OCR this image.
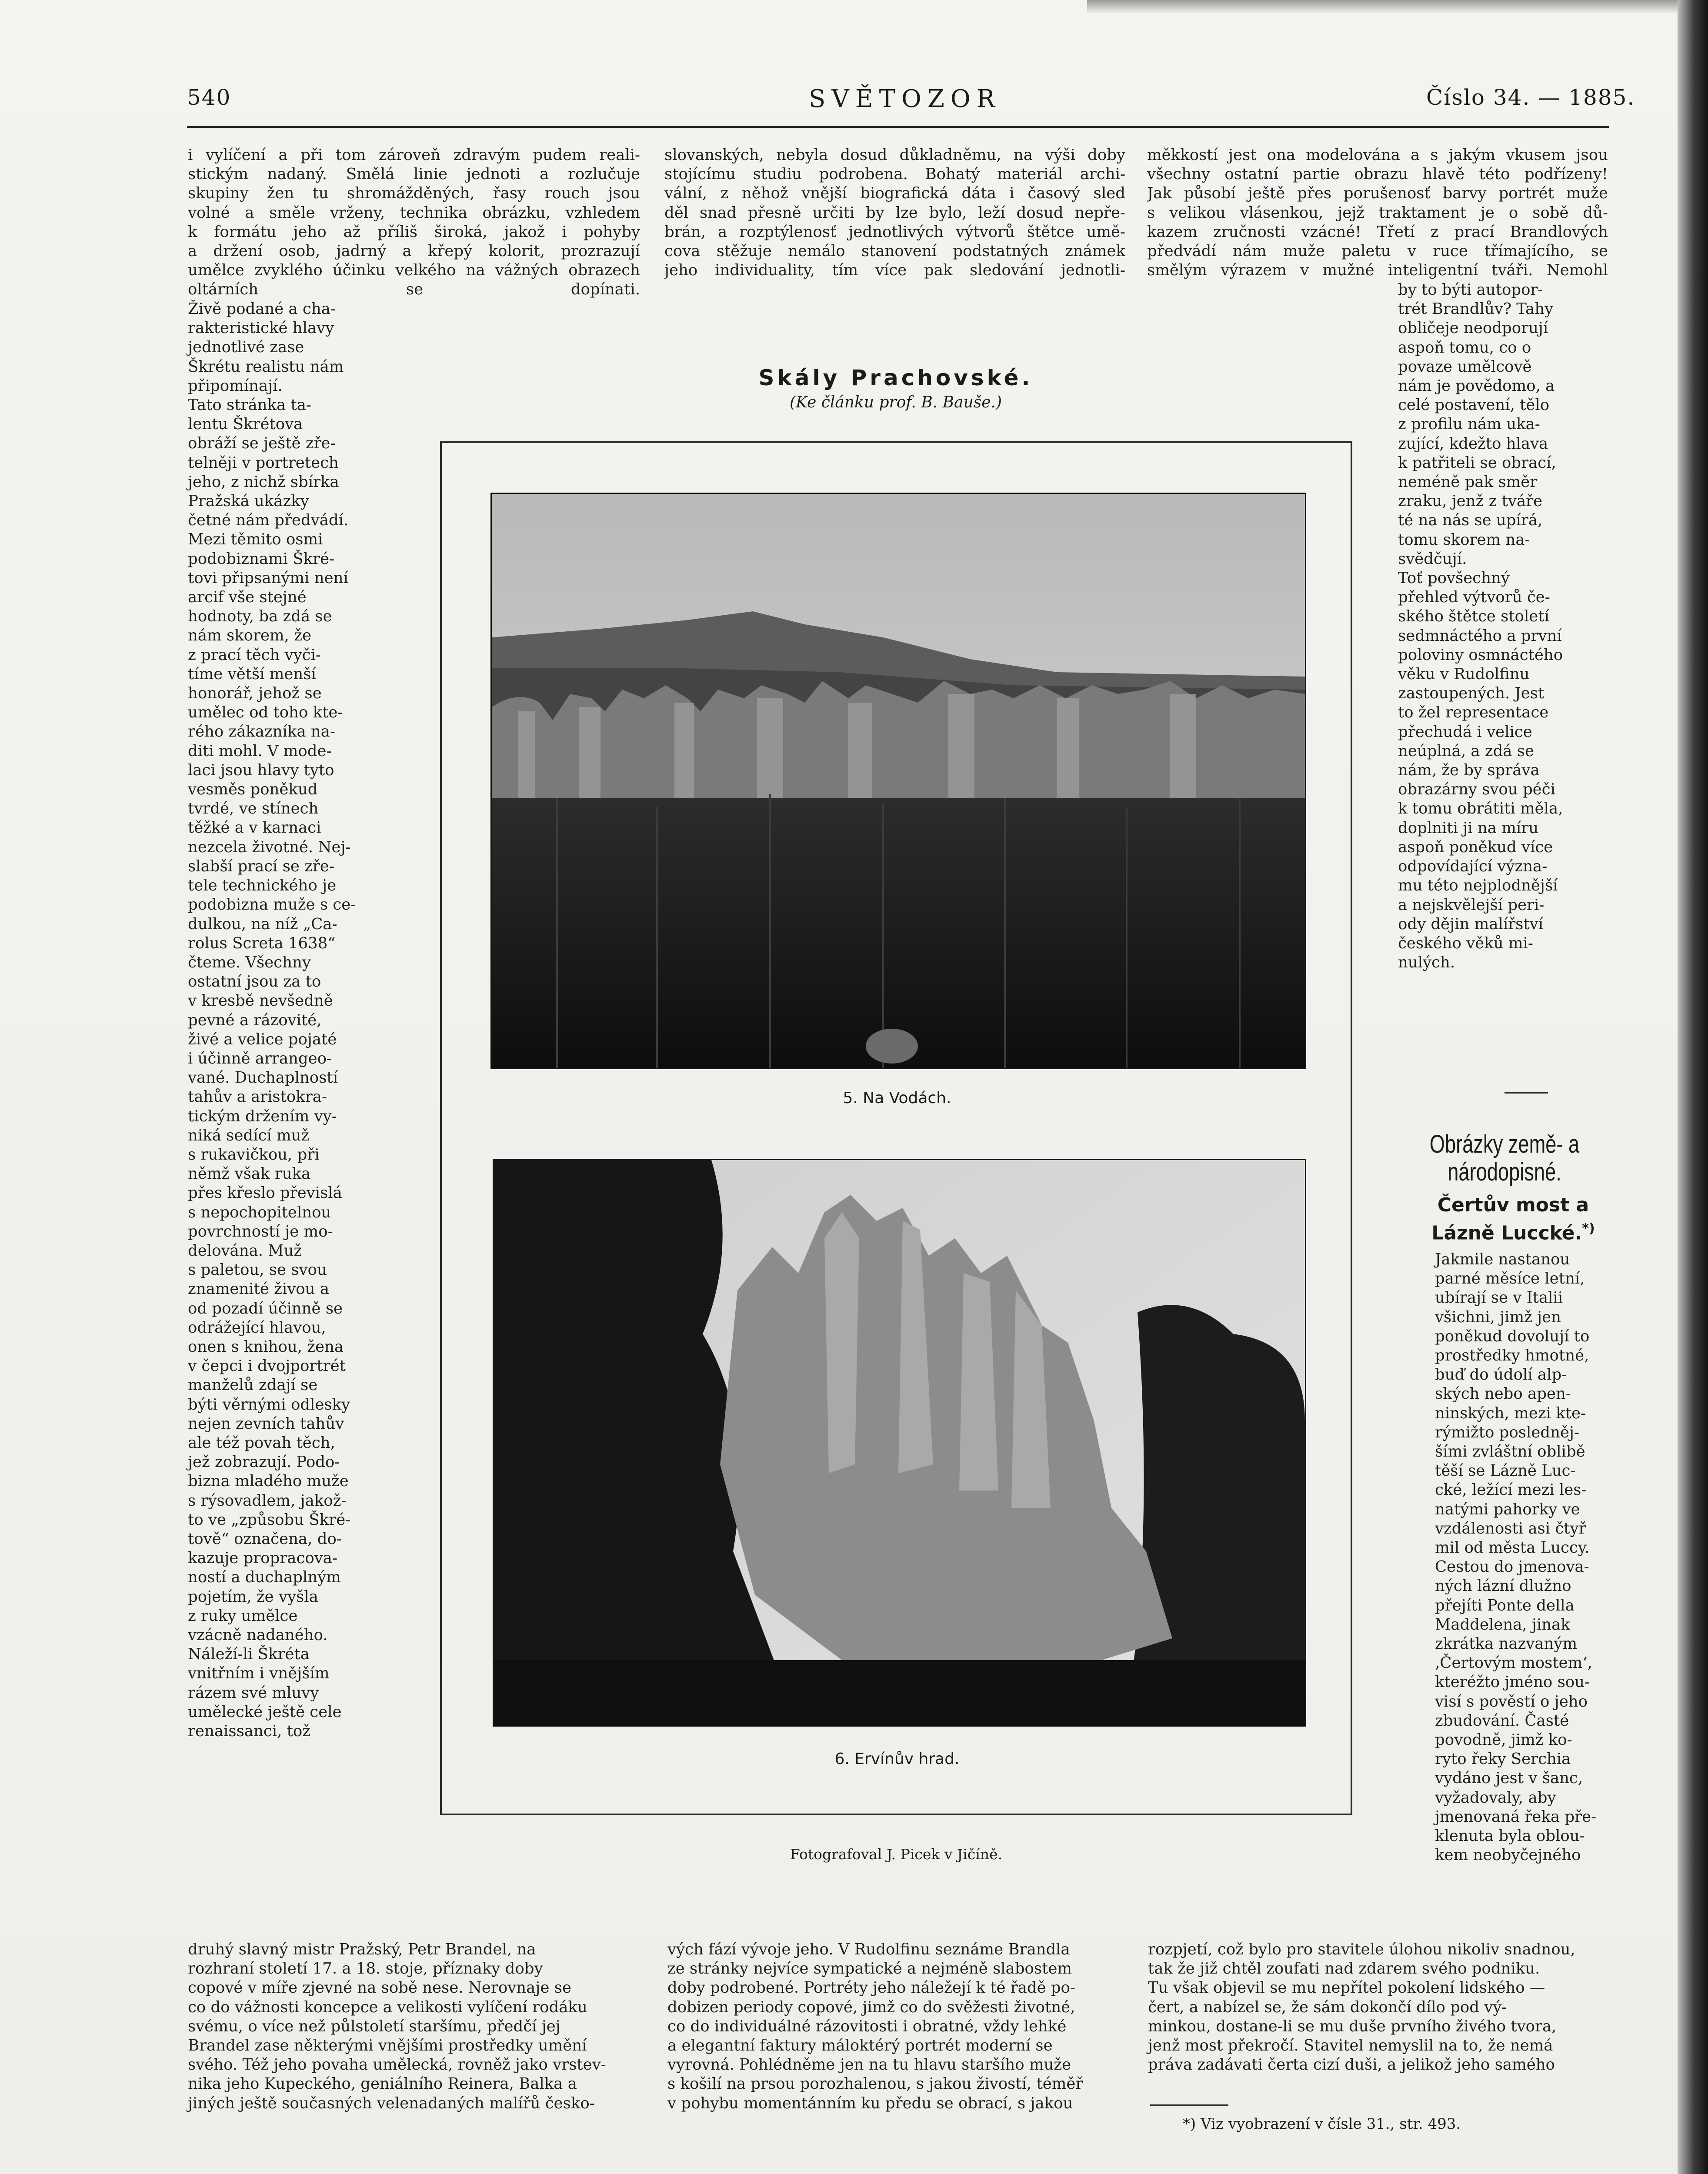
540	SVĚTOZOR	Číslo 34. — 1885.
i vylíčení a při tom zároveň zdravým pudem reali-
stickým nadaný. Smělá linie jednoti a rozlučuje
skupiny žen tu shromážděných, řasy rouch jsou
volné a směle vrženy, technika obrázku, vzhledem
k formátu jeho až příliš široká, jakož i pohyby
a držení osob, jadrný a křepý kolorit, prozrazují
umělce zvyklého účinku velkého na vážných obrazech
oltárních se dopínati.
Živě podané a cha-
rakteristické hlavy
jednotlivé zase
Škrétu realistu nám
připomínají.
Tato stránka ta-
lentu Škrétova
obráží se ještě zře-
telněji v portretech
jeho, z nichž sbírka
Pražská ukázky
četné nám předvádí.
Mezi těmito osmi
podobiznami Škré-
tovi připsanými není
arcif vše stejné
hodnoty, ba zdá se
nám skorem, že
z prací těch vyči-
tíme větší menší
honorář, jehož se
umělec od toho kte-
rého zákazníka na-
diti mohl. V mode-
laci jsou hlavy tyto
vesměs poněkud
tvrdé, ve stínech
těžké a v karnaci
nezcela životné. Nej-
slabší prací se zře-
tele technického je
podobizna muže s ce-
dulkou, na níž „Ca-
rolus Screta 1638“
čteme. Všechny
ostatní jsou za to
v kresbě nevšedně
pevné a rázovité,
živé a velice pojaté
i účinně arrangeo-
vané. Duchaplností
tahův a aristokra-
tickým držením vy-
niká sedící muž
s rukavičkou, při
němž však ruka
přes křeslo převislá
s nepochopitelnou
povrchností je mo-
delována. Muž
s paletou, se svou
znamenité živou a
od pozadí účinně se
odrážející hlavou,
onen s knihou, žena
v čepci i dvojportrét
manželů zdají se
býti věrnými odlesky
nejen zevních tahův
ale též povah těch,
jež zobrazují. Podo-
bizna mladého muže
s rýsovadlem, jakož-
to ve „způsobu Škré-
tově“ označena, do-
kazuje propracova-
ností a duchaplným
pojetím, že vyšla
z ruky umělce
vzácně nadaného.
Náleží-li Škréta
vnitřním i vnějším
rázem své mluvy
umělecké ještě cele
renaissanci, tož
slovanských, nebyla dosud důkladněmu, na výši doby
stojícímu studiu podrobena. Bohatý materiál archi-
vální, z něhož vnější biografická dáta i časový sled
děl snad přesně určiti by lze bylo, leží dosud nepře-
brán, a rozptýlenosť jednotlivých výtvorů štětce umě-
cova stěžuje nemálo stanovení podstatných známek
jeho individuality, tím více pak sledování jednotli-
měkkostí jest ona modelována a s jakým vkusem jsou
všechny ostatní partie obrazu hlavě této podřízeny!
Jak působí ještě přes porušenosť barvy portrét muže
s velikou vlásenkou, jejž traktament je o sobě dů-
kazem zručnosti vzácné! Třetí z prací Brandlových
předvádí nám muže paletu v ruce třímajícího, se
smělým výrazem v mužné inteligentní tváři. Nemohl
by to býti autopor-
trét Brandlův? Tahy
obličeje neodporují
aspoň tomu, co o
povaze umělcově
nám je povědomo, a
celé postavení, tělo
z profilu nám uka-
zující, kdežto hlava
k patřiteli se obrací,
neméně pak směr
zraku, jenž z tváře
té na nás se upírá,
tomu skorem na-
svědčují.
Toť povšechný
přehled výtvorů če-
ského štětce století
sedmnáctého a první
poloviny osmnáctého
věku v Rudolfinu
zastoupených. Jest
to žel representace
přechudá i velice
neúplná, a zdá se
nám, že by správa
obrazárny svou péči
k tomu obrátiti měla,
doplniti ji na míru
aspoň poněkud více
odpovídající význa-
mu této nejplodnější
a nejskvělejší peri-
ody dějin malířství
českého věků mi-
nulých.
Skály Prachovské.
(Ke článku prof. B. Bauše.)
5. Na Vodách.
6. Ervínův hrad.
Fotografoval J. Picek v Jičíně.
Obrázky země- a
národopisné.
Čertův most a
Lázně Luccké.*)
Jakmile nastanou
parné měsíce letní,
ubírají se v Italii
všichni, jimž jen
poněkud dovolují to
prostředky hmotné,
buď do údolí alp-
ských nebo apen-
ninských, mezi kte-
rýmižto posledněj-
šími zvláštní oblibě
těší se Lázně Luc-
cké, ležící mezi les-
natými pahorky ve
vzdálenosti asi čtyř
mil od města Luccy.
Cestou do jmenova-
ných lázní dlužno
přejíti Ponte della
Maddelena, jinak
zkrátka nazvaným
‚Čertovým mostem‘,
kteréžto jméno sou-
visí s pověstí o jeho
zbudování. Časté
povodně, jimž ko-
ryto řeky Serchia
vydáno jest v šanc,
vyžadovaly, aby
jmenovaná řeka pře-
klenuta byla oblou-
kem neobyčejného
druhý slavný mistr Pražský, Petr Brandel, na
rozhraní století 17. a 18. stoje, příznaky doby
copové v míře zjevné na sobě nese. Nerovnaje se
co do vážnosti koncepce a velikosti vylíčení rodáku
svému, o více než půlstoletí staršímu, předčí jej
Brandel zase některými vnějšími prostředky umění
svého. Též jeho povaha umělecká, rovněž jako vrstev-
nika jeho Kupeckého, geniálního Reinera, Balka a
jiných ještě současných velenadaných malířů česko-
vých fází vývoje jeho. V Rudolfinu seznáme Brandla
ze stránky nejvíce sympatické a nejméně slabostem
doby podrobené. Portréty jeho náležejí k té řadě po-
dobizen periody copové, jimž co do svěžesti životné,
co do individuálné rázovitosti i obratné, vždy lehké
a elegantní faktury máloktérý portrét moderní se
vyrovná. Pohlédněme jen na tu hlavu staršího muže
s košilí na prsou porozhalenou, s jakou živostí, téměř
v pohybu momentánním ku předu se obrací, s jakou
rozpjetí, což bylo pro stavitele úlohou nikoliv snadnou,
tak že již chtěl zoufati nad zdarem svého podniku.
Tu však objevil se mu nepřítel pokolení lidského —
čert, a nabízel se, že sám dokončí dílo pod vý-
minkou, dostane-li se mu duše prvního živého tvora,
jenž most překročí. Stavitel nemyslil na to, že nemá
práva zadávati čerta cizí duši, a jelikož jeho samého
*) Viz vyobrazení v čísle 31., str. 493.
